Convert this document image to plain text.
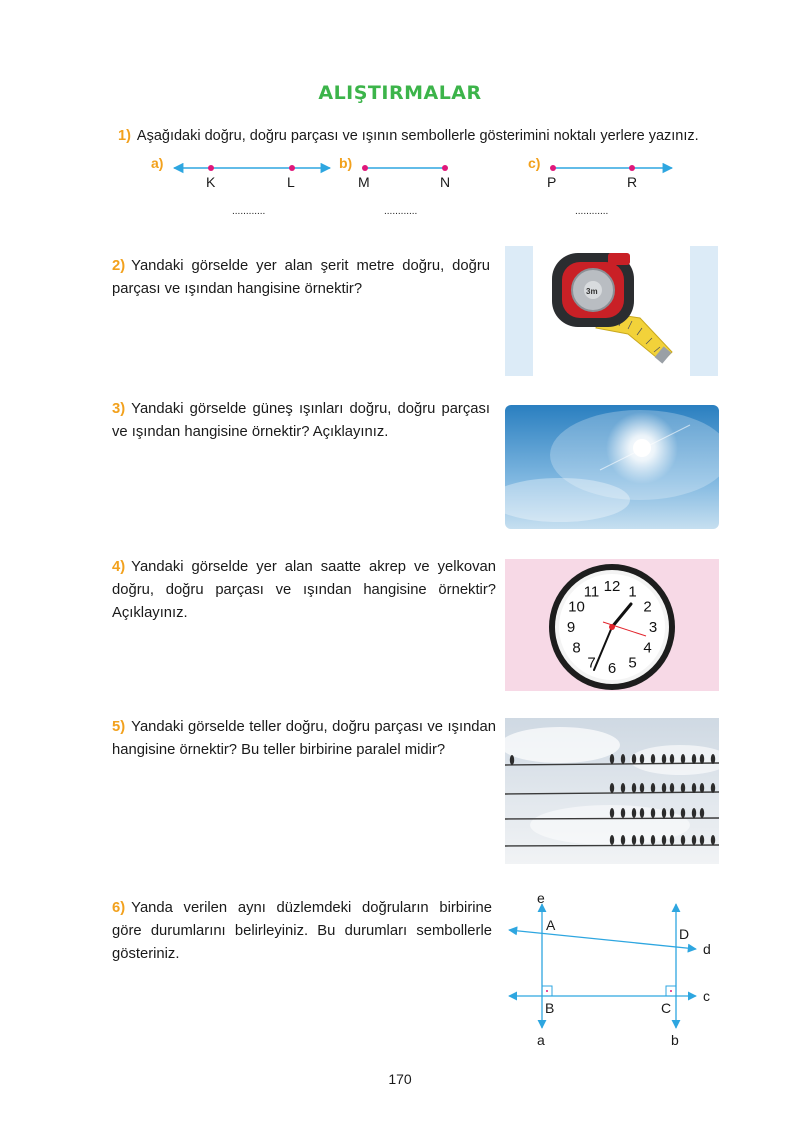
ALIŞTIRMALAR
1) Aşağıdaki doğru, doğru parçası ve ışının sembollerle gösterimini noktalı yerlere yazınız.
a)
K	L
............
b)
M	N
............
c)
P	R
............
3m
12 1
2
3
4
5
6
7
8
9
10
11
e
A
D
d
c
B	C
a	b
2) Yandaki görselde yer alan şerit metre doğru, doğru parçası ve ışından hangisine örnektir?
3) Yandaki görselde güneş ışınları doğru, doğru parçası ve ışından hangisine örnektir? Açıklayınız.
4) Yandaki görselde yer alan saatte akrep ve yelkovan doğru, doğru parçası ve ışından hangisine örnektir? Açıklayınız.
5) Yandaki görselde teller doğru, doğru parçası ve ışından hangisine örnektir? Bu teller birbirine paralel midir?
6) Yanda verilen aynı düzlemdeki doğruların birbirine göre durumlarını belirleyiniz. Bu durumları sembollerle gösteriniz.
170
